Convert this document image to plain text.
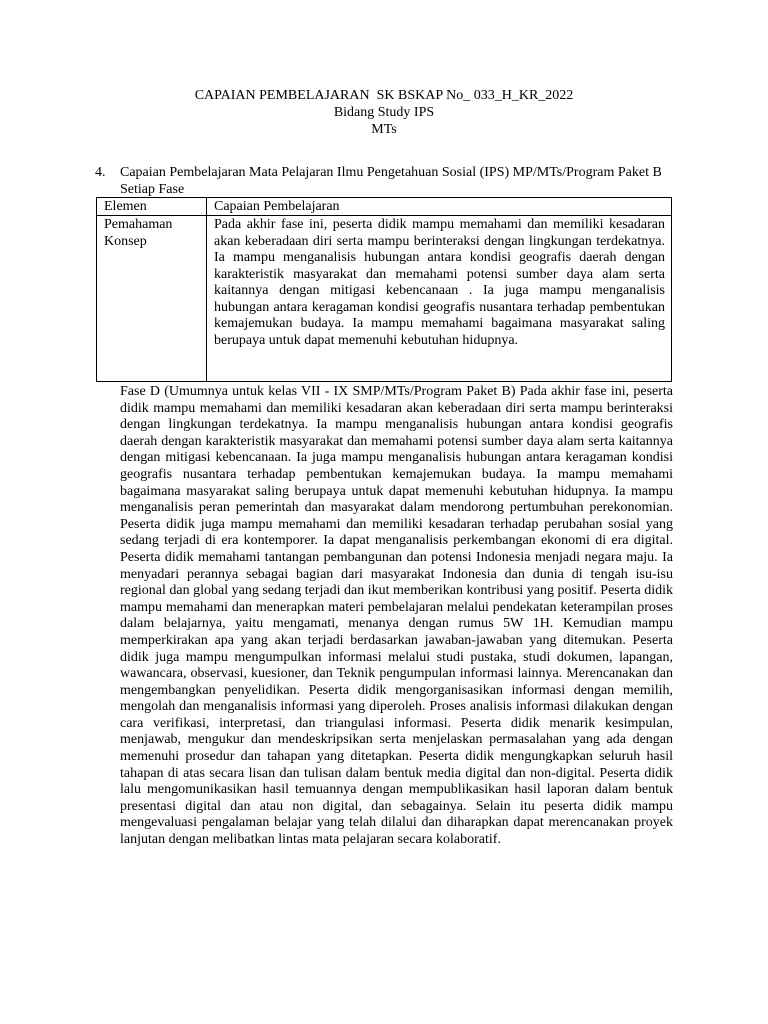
CAPAIAN PEMBELAJARAN  SK BSKAP No_ 033_H_KR_2022
Bidang Study IPS
MTs
4. Capaian Pembelajaran Mata Pelajaran Ilmu Pengetahuan Sosial (IPS) MP/MTs/Program Paket B Setiap Fase
Elemen	Capaian Pembelajaran
Pemahaman Konsep
Pada akhir fase ini, peserta didik mampu memahami dan memiliki kesadaran akan keberadaan diri serta mampu berinteraksi dengan lingkungan terdekatnya. Ia mampu menganalisis hubungan antara kondisi geografis daerah dengan karakteristik masyarakat dan memahami potensi sumber daya alam serta kaitannya dengan mitigasi kebencanaan . Ia juga mampu menganalisis hubungan antara keragaman kondisi geografis nusantara terhadap pembentukan kemajemukan budaya. Ia mampu memahami bagaimana masyarakat saling berupaya untuk dapat memenuhi kebutuhan hidupnya.
Fase D (Umumnya untuk kelas VII - IX SMP/MTs/Program Paket B) Pada akhir fase ini, peserta didik mampu memahami dan memiliki kesadaran akan keberadaan diri serta mampu berinteraksi dengan lingkungan terdekatnya. Ia mampu menganalisis hubungan antara kondisi geografis daerah dengan karakteristik masyarakat dan memahami potensi sumber daya alam serta kaitannya dengan mitigasi kebencanaan. Ia juga mampu menganalisis hubungan antara keragaman kondisi geografis nusantara terhadap pembentukan kemajemukan budaya. Ia mampu memahami bagaimana masyarakat saling berupaya untuk dapat memenuhi kebutuhan hidupnya. Ia mampu menganalisis peran pemerintah dan masyarakat dalam mendorong pertumbuhan perekonomian. Peserta didik juga mampu memahami dan memiliki kesadaran terhadap perubahan sosial yang sedang terjadi di era kontemporer. Ia dapat menganalisis perkembangan ekonomi di era digital. Peserta didik memahami tantangan pembangunan dan potensi Indonesia menjadi negara maju. Ia menyadari perannya sebagai bagian dari masyarakat Indonesia dan dunia di tengah isu-isu regional dan global yang sedang terjadi dan ikut memberikan kontribusi yang positif. Peserta didik mampu memahami dan menerapkan materi pembelajaran melalui pendekatan keterampilan proses dalam belajarnya, yaitu mengamati, menanya dengan rumus 5W 1H. Kemudian mampu memperkirakan apa yang akan terjadi berdasarkan jawaban-jawaban yang ditemukan. Peserta didik juga mampu mengumpulkan informasi melalui studi pustaka, studi dokumen, lapangan, wawancara, observasi, kuesioner, dan Teknik pengumpulan informasi lainnya. Merencanakan dan mengembangkan penyelidikan. Peserta didik mengorganisasikan informasi dengan memilih, mengolah dan menganalisis informasi yang diperoleh. Proses analisis informasi dilakukan dengan cara verifikasi, interpretasi, dan triangulasi informasi. Peserta didik menarik kesimpulan, menjawab, mengukur dan mendeskripsikan serta menjelaskan permasalahan yang ada dengan memenuhi prosedur dan tahapan yang ditetapkan. Peserta didik mengungkapkan seluruh hasil tahapan di atas secara lisan dan tulisan dalam bentuk media digital dan non-digital. Peserta didik lalu mengomunikasikan hasil temuannya dengan mempublikasikan hasil laporan dalam bentuk presentasi digital dan atau non digital, dan sebagainya. Selain itu peserta didik mampu mengevaluasi pengalaman belajar yang telah dilalui dan diharapkan dapat merencanakan proyek lanjutan dengan melibatkan lintas mata pelajaran secara kolaboratif.
